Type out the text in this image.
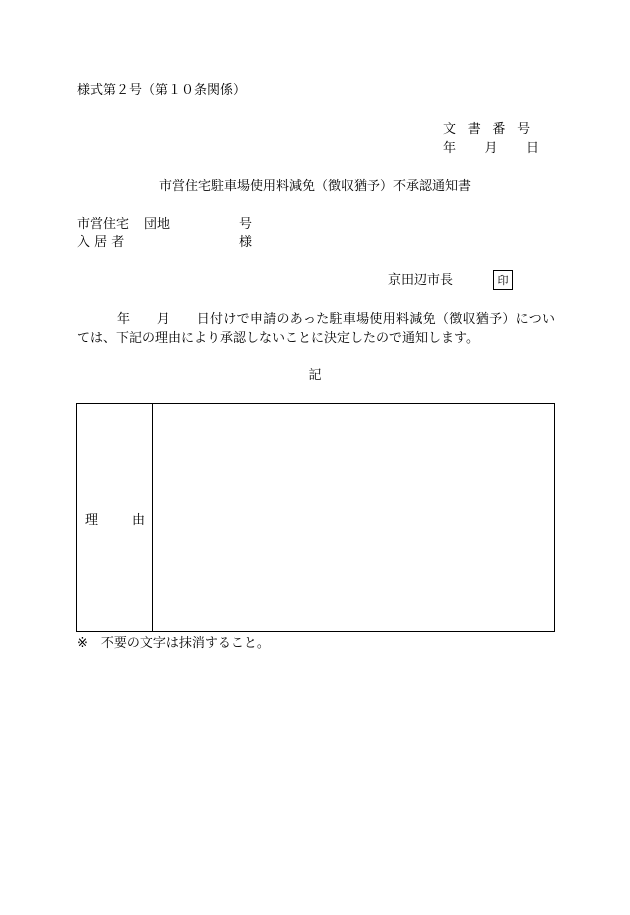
様式第２号（第１０条関係）
文書番号
年 月 日
市営住宅駐車場使用料減免（徴収猶予）不承認通知書
市営住宅 団地	号
入 居 者	様
京田辺市長	印
年　　月　　日付けで申請のあった駐車場使用料減免（徴収猶予）については、下記の理由により承認しないことに決定したので通知します。
記
理	由
※　不要の文字は抹消すること。
